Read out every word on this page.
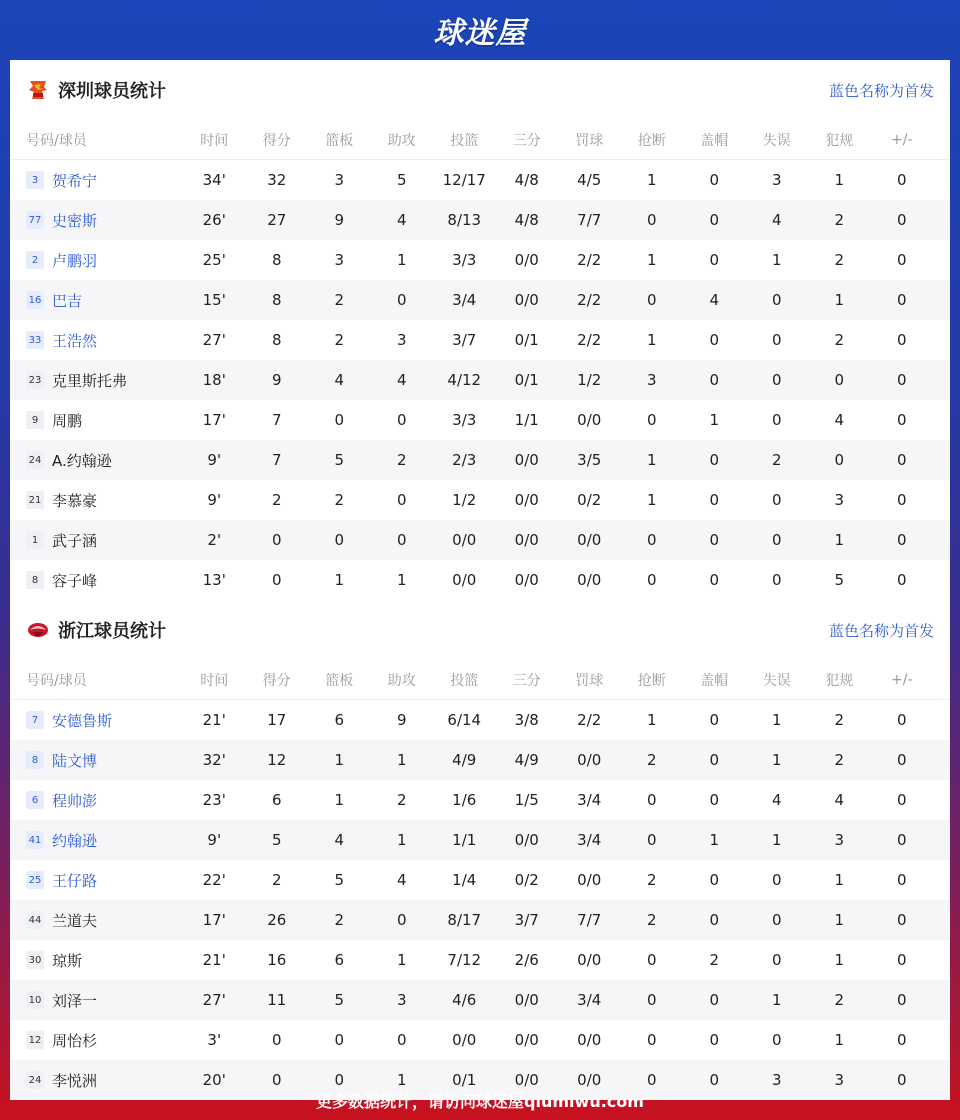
球迷屋
深圳球员统计	蓝色名称为首发
号码/球员	时间	得分	篮板	助攻	投篮	三分	罚球	抢断	盖帽	失误	犯规	+/-
3 贺希宁	34'	32	3	5	12/17	4/8	4/5	1	0	3	1	0
77 史密斯	26'	27	9	4	8/13	4/8	7/7	0	0	4	2	0
2 卢鹏羽	25'	8	3	1	3/3	0/0	2/2	1	0	1	2	0
16 巴吉	15'	8	2	0	3/4	0/0	2/2	0	4	0	1	0
33 王浩然	27'	8	2	3	3/7	0/1	2/2	1	0	0	2	0
23 克里斯托弗	18'	9	4	4	4/12	0/1	1/2	3	0	0	0	0
9 周鹏	17'	7	0	0	3/3	1/1	0/0	0	1	0	4	0
24 A.约翰逊	9'	7	5	2	2/3	0/0	3/5	1	0	2	0	0
21 李慕豪	9'	2	2	0	1/2	0/0	0/2	1	0	0	3	0
1 武子涵	2'	0	0	0	0/0	0/0	0/0	0	0	0	1	0
8 容子峰	13'	0	1	1	0/0	0/0	0/0	0	0	0	5	0
浙江球员统计	蓝色名称为首发
号码/球员	时间	得分	篮板	助攻	投篮	三分	罚球	抢断	盖帽	失误	犯规	+/-
7 安德鲁斯	21'	17	6	9	6/14	3/8	2/2	1	0	1	2	0
8 陆文博	32'	12	1	1	4/9	4/9	0/0	2	0	1	2	0
6 程帅澎	23'	6	1	2	1/6	1/5	3/4	0	0	4	4	0
41 约翰逊	9'	5	4	1	1/1	0/0	3/4	0	1	1	3	0
25 王仔路	22'	2	5	4	1/4	0/2	0/0	2	0	0	1	0
44 兰道夫	17'	26	2	0	8/17	3/7	7/7	2	0	0	1	0
30 琼斯	21'	16	6	1	7/12	2/6	0/0	0	2	0	1	0
10 刘泽一	27'	11	5	3	4/6	0/0	3/4	0	0	1	2	0
12 周怡杉	3'	0	0	0	0/0	0/0	0/0	0	0	0	1	0
24 李悦洲	20'	0	0	1	0/1	0/0	0/0	0	0	3	3	0
更多数据统计，请访问球迷屋qiumiwu.com
